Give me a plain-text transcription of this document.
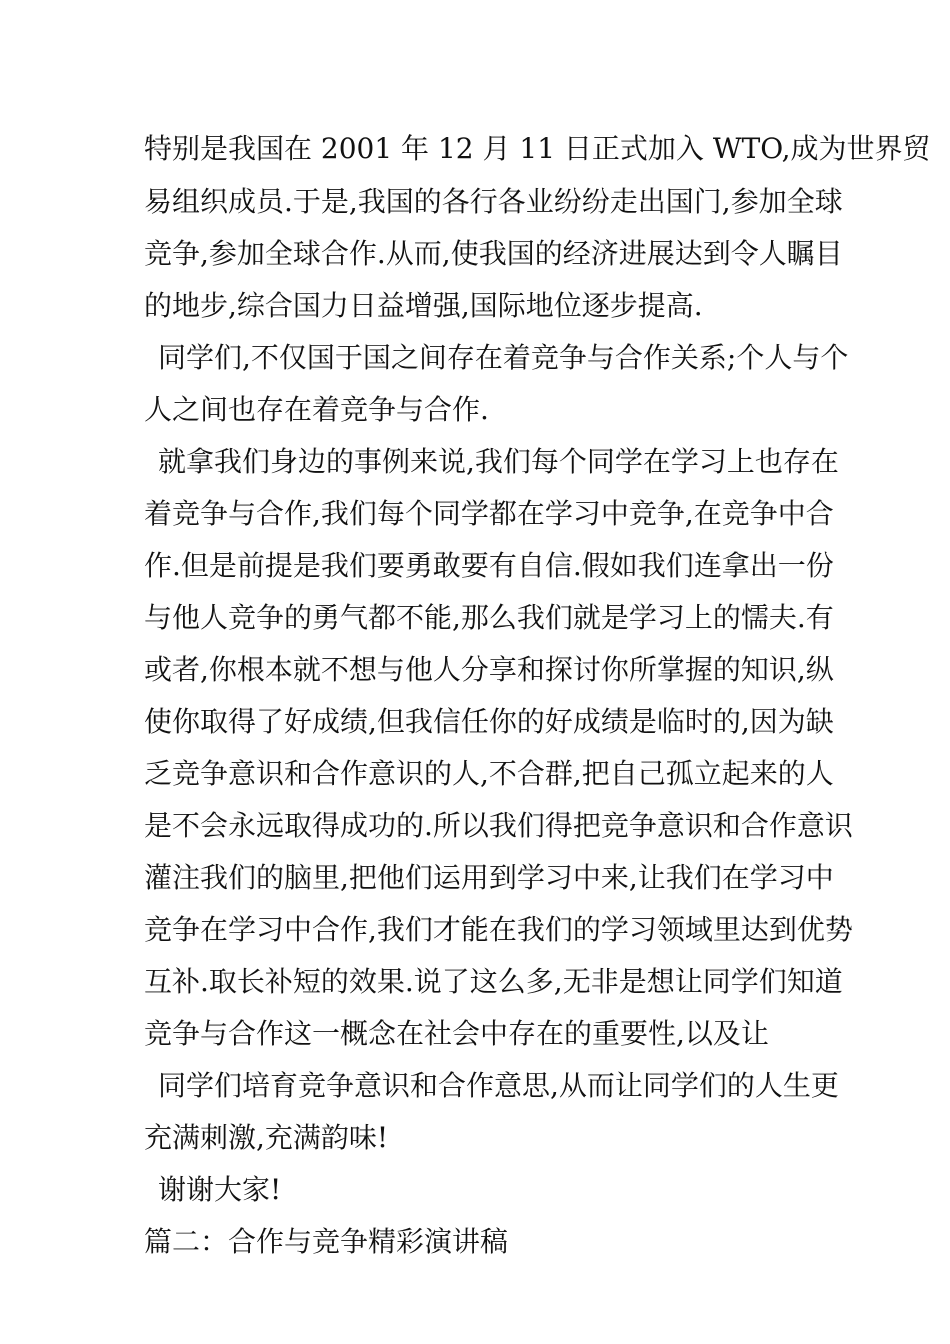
特别是我国在 2001 年 12 月 11 日正式加入 WTO,成为世界贸
易组织成员.于是,我国的各行各业纷纷走出国门,参加全球
竞争,参加全球合作.从而,使我国的经济进展达到令人瞩目
的地步,综合国力日益增强,国际地位逐步提高.
同学们,不仅国于国之间存在着竞争与合作关系;个人与个
人之间也存在着竞争与合作.
就拿我们身边的事例来说,我们每个同学在学习上也存在
着竞争与合作,我们每个同学都在学习中竞争,在竞争中合
作.但是前提是我们要勇敢要有自信.假如我们连拿出一份
与他人竞争的勇气都不能,那么我们就是学习上的懦夫.有
或者,你根本就不想与他人分享和探讨你所掌握的知识,纵
使你取得了好成绩,但我信任你的好成绩是临时的,因为缺
乏竞争意识和合作意识的人,不合群,把自己孤立起来的人
是不会永远取得成功的.所以我们得把竞争意识和合作意识
灌注我们的脑里,把他们运用到学习中来,让我们在学习中
竞争在学习中合作,我们才能在我们的学习领域里达到优势
互补.取长补短的效果.说了这么多,无非是想让同学们知道
竞争与合作这一概念在社会中存在的重要性,以及让
同学们培育竞争意识和合作意思,从而让同学们的人生更
充满刺激,充满韵味!
谢谢大家!
篇二：合作与竞争精彩演讲稿
